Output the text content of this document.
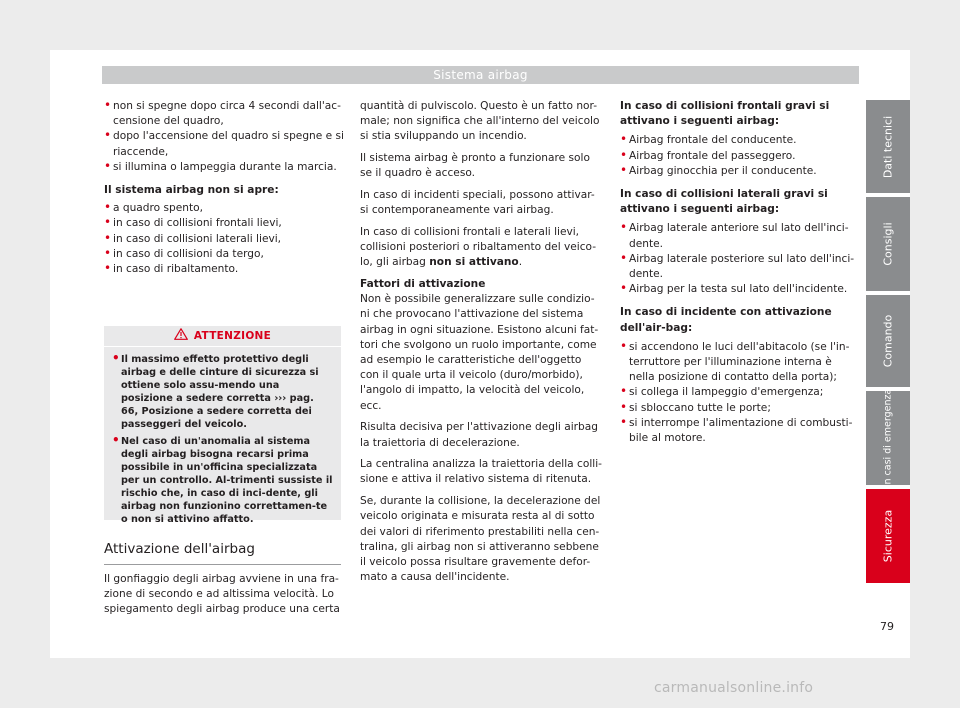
Sistema airbag
• non si spegne dopo circa 4 secondi dall'ac-censione del quadro,
• dopo l'accensione del quadro si spegne e si riaccende,
• si illumina o lampeggia durante la marcia.
Il sistema airbag non si apre:
• a quadro spento,
• in caso di collisioni frontali lievi,
• in caso di collisioni laterali lievi,
• in caso di collisioni da tergo,
• in caso di ribaltamento.
ATTENZIONE
• Il massimo effetto protettivo degli airbag e delle cinture di sicurezza si ottiene solo assu-mendo una posizione a sedere corretta ››› pag. 66, Posizione a sedere corretta dei passeggeri del veicolo.
• Nel caso di un'anomalia al sistema degli airbag bisogna recarsi prima possibile in un'officina specializzata per un controllo. Al-trimenti sussiste il rischio che, in caso di inci-dente, gli airbag non funzionino correttamen-te o non si attivino affatto.
Attivazione dell'airbag
Il gonfiaggio degli airbag avviene in una fra-zione di secondo e ad altissima velocità. Lo spiegamento degli airbag produce una certa

quantità di pulviscolo. Questo è un fatto nor-male; non significa che all'interno del veicolo si stia sviluppando un incendio.

Il sistema airbag è pronto a funzionare solo se il quadro è acceso.

In caso di incidenti speciali, possono attivar-si contemporaneamente vari airbag.

In caso di collisioni frontali e laterali lievi, collisioni posteriori o ribaltamento del veico-lo, gli airbag non si attivano.

Fattori di attivazione

Non è possibile generalizzare sulle condizio-ni che provocano l'attivazione del sistema airbag in ogni situazione. Esistono alcuni fat-tori che svolgono un ruolo importante, come ad esempio le caratteristiche dell'oggetto con il quale urta il veicolo (duro/morbido), l'angolo di impatto, la velocità del veicolo, ecc.

Risulta decisiva per l'attivazione degli airbag la traiettoria di decelerazione.

La centralina analizza la traiettoria della colli-sione e attiva il relativo sistema di ritenuta.

Se, durante la collisione, la decelerazione del veicolo originata e misurata resta al di sotto dei valori di riferimento prestabiliti nella cen-tralina, gli airbag non si attiveranno sebbene il veicolo possa risultare gravemente defor-mato a causa dell'incidente.

In caso di collisioni frontali gravi si attivano i seguenti airbag:
• Airbag frontale del conducente.
• Airbag frontale del passeggero.
• Airbag ginocchia per il conducente.
In caso di collisioni laterali gravi si attivano i seguenti airbag:
• Airbag laterale anteriore sul lato dell'inci-dente.
• Airbag laterale posteriore sul lato dell'inci-dente.
• Airbag per la testa sul lato dell'incidente.
In caso di incidente con attivazione dell'air-bag:
• si accendono le luci dell'abitacolo (se l'in-terruttore per l'illuminazione interna è nella posizione di contatto della porta);
• si collega il lampeggio d'emergenza;
• si sbloccano tutte le porte;
• si interrompe l'alimentazione di combusti-bile al motore.
Dati tecnici
Consigli
Comando
In casi di emergenza
Sicurezza
79
carmanualsonline.info
